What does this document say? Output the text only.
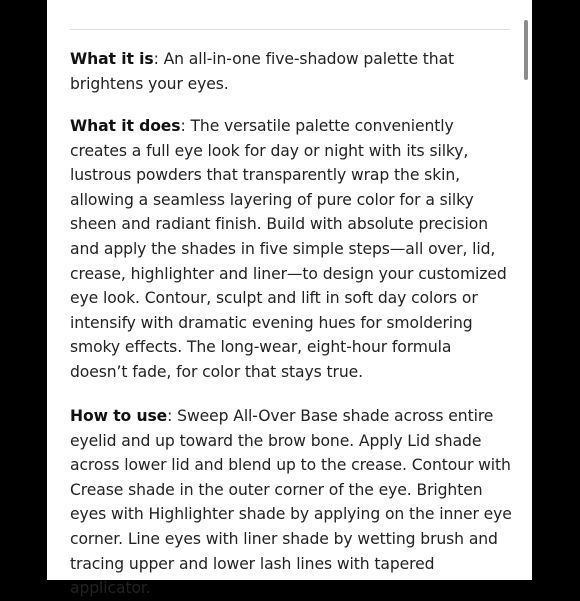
What it is: An all-in-one five-shadow palette that brightens your eyes.

What it does: The versatile palette conveniently creates a full eye look for day or night with its silky, lustrous powders that transparently wrap the skin, allowing a seamless layering of pure color for a silky sheen and radiant finish. Build with absolute precision and apply the shades in five simple steps—all over, lid, crease, highlighter and liner—to design your customized eye look. Contour, sculpt and lift in soft day colors or intensify with dramatic evening hues for smoldering smoky effects. The long-wear, eight-hour formula doesn’t fade, for color that stays true.

How to use: Sweep All-Over Base shade across entire eyelid and up toward the brow bone. Apply Lid shade across lower lid and blend up to the crease. Contour with Crease shade in the outer corner of the eye. Brighten eyes with Highlighter shade by applying on the inner eye corner. Line eyes with liner shade by wetting brush and tracing upper and lower lash lines with tapered applicator.
